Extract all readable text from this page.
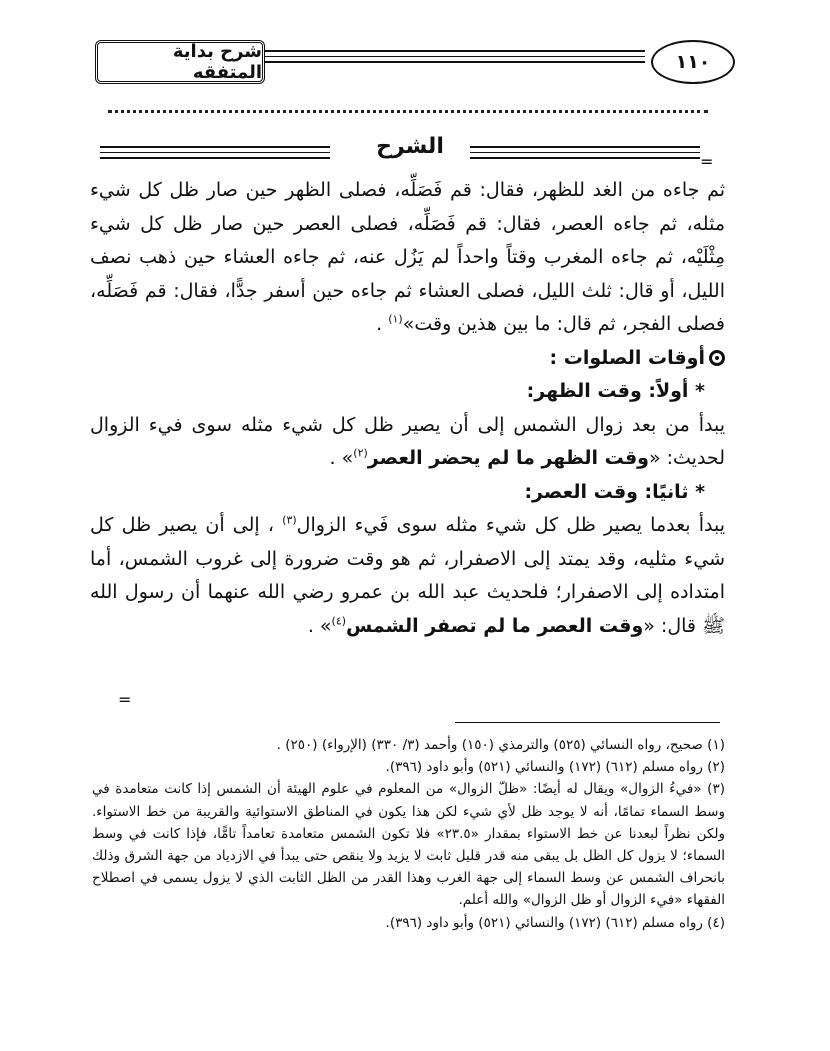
١١٠
شرح بداية المتفقه
الشرح
=

ثم جاءه من الغد للظهر، فقال: قم فَصَلِّه، فصلى الظهر حين صار ظل كل شيء مثله، ثم جاءه العصر، فقال: قم فَصَلِّه، فصلى العصر حين صار ظل كل شيء مِثْلَيْه، ثم جاءه المغرب وقتاً واحداً لم يَزُل عنه، ثم جاءه العشاء حين ذهب نصف الليل، أو قال: ثلث الليل، فصلى العشاء ثم جاءه حين أسفر جدًّا، فقال: قم فَصَلِّه، فصلى الفجر، ثم قال: ما بين هذين وقت»$^{(١)}$ .

أوقات الصلوات :

* أولاً: وقت الظهر:

يبدأ من بعد زوال الشمس إلى أن يصير ظل كل شيء مثله سوى فيء الزوال لحديث: «وقت الظهر ما لم يحضر العصر$^{(٢)}$» .

* ثانيًا: وقت العصر:

يبدأ بعدما يصير ظل كل شيء مثله سوى فَيء الزوال$^{(٣)}$ ، إلى أن يصير ظل كل شيء مثليه، وقد يمتد إلى الاصفرار، ثم هو وقت ضرورة إلى غروب الشمس، أما امتداده إلى الاصفرار؛ فلحديث عبد الله بن عمرو رضي الله عنهما أن رسول الله ﷺ قال: «وقت العصر ما لم تصفر الشمس$^{(٤)}$» .

=

(١) صحيح، رواه النسائي (٥٢٥) والترمذي (١٥٠) وأحمد (٣/ ٣٣٠) (الإرواء) (٢٥٠) .

(٢) رواه مسلم (٦١٢) (١٧٢) والنسائي (٥٢١) وأبو داود (٣٩٦).

(٣) «فيءُ الزوال» ويقال له أيضًا: «ظلّ الزوال» من المعلوم في علوم الهيئة أن الشمس إذا كانت متعامدة في وسط السماء تمامًا، أنه لا يوجد ظل لأي شيء لكن هذا يكون في المناطق الاستوائية والقريبة من خط الاستواء. ولكن نظراً لبعدنا عن خط الاستواء بمقدار «٢٣.٥» فلا تكون الشمس متعامدة تعامداً تامًّا، فإذا كانت في وسط السماء؛ لا يزول كل الظل بل يبقى منه قدر قليل ثابت لا يزيد ولا ينقص حتى يبدأ في الازدياد من جهة الشرق وذلك بانحراف الشمس عن وسط السماء إلى جهة الغرب وهذا القدر من الظل الثابت الذي لا يزول يسمى في اصطلاح الفقهاء «فيء الزوال أو ظل الزوال» والله أعلم.

(٤) رواه مسلم (٦١٢) (١٧٢) والنسائي (٥٢١) وأبو داود (٣٩٦).
